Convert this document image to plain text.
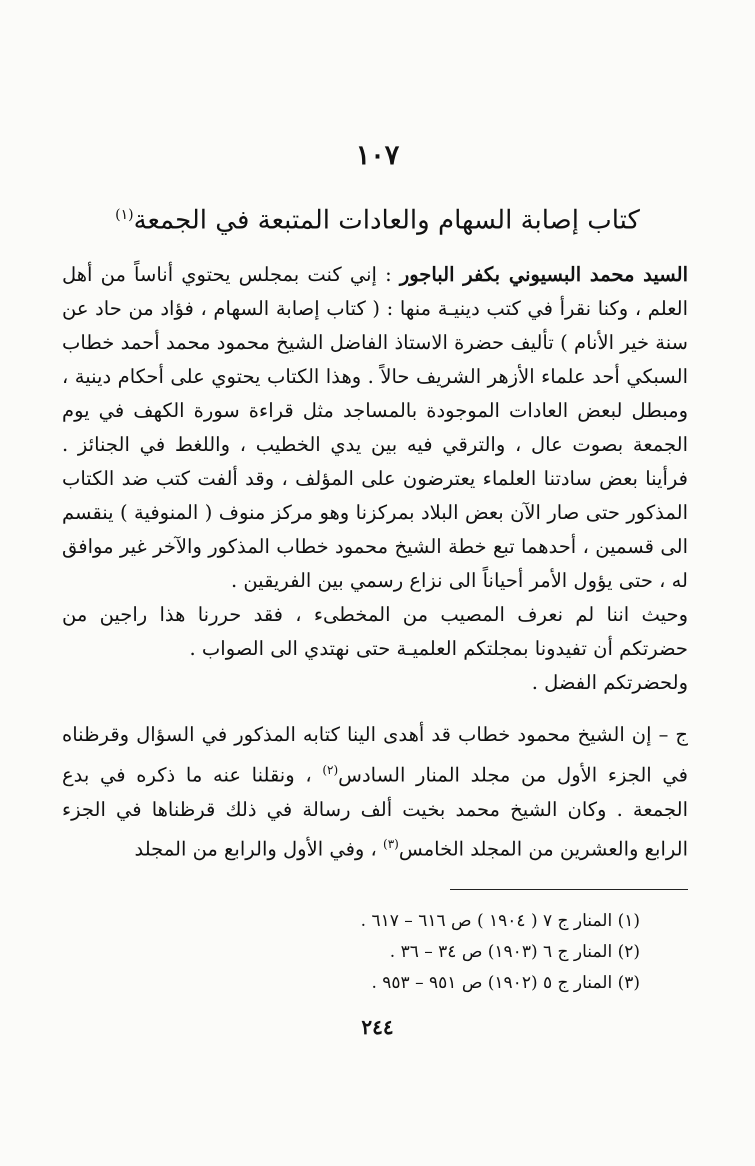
١٠٧
كتاب إصابة السهام والعادات المتبعة في الجمعة$^{(١)}$

السيد محمد البسيوني بكفر الباجور : إني كنت بمجلس يحتوي أناساً من أهل العلم ، وكنا نقرأ في كتب دينيـة منها : ( كتاب إصابة السهام ، فؤاد من حاد عن سنة خير الأنام ) تأليف حضرة الاستاذ الفاضل الشيخ محمود محمد أحمد خطاب السبكي أحد علماء الأزهر الشريف حالاً . وهذا الكتاب يحتوي على أحكام دينية ، ومبطل لبعض العادات الموجودة بالمساجد مثل قراءة سورة الكهف في يوم الجمعة بصوت عال ، والترقي فيه بين يدي الخطيب ، واللغط في الجنائز . فرأينا بعض سادتنا العلماء يعترضون على المؤلف ، وقد ألفت كتب ضد الكتاب المذكور حتى صار الآن بعض البلاد بمركزنا وهو مركز منوف ( المنوفية ) ينقسم الى قسمين ، أحدهما تبع خطة الشيخ محمود خطاب المذكور والآخر غير موافق له ، حتى يؤول الأمر أحياناً الى نزاع رسمي بين الفريقين .

وحيث اننا لم نعرف المصيب من المخطىء ، فقد حررنا هذا راجين من حضرتكم أن تفيدونا بمجلتكم العلميـة حتى نهتدي الى الصواب .

ولحضرتكم الفضل .

ج – إن الشيخ محمود خطاب قد أهدى الينا كتابه المذكور في السؤال وقرظناه في الجزء الأول من مجلد المنار السادس$^{(٢)}$ ، ونقلنا عنه ما ذكره في بدع الجمعة . وكان الشيخ محمد بخيت ألف رسالة في ذلك قرظناها في الجزء الرابع والعشرين من المجلد الخامس$^{(٣)}$ ، وفي الأول والرابع من المجلد

(١) المنار ج ٧ ( ١٩٠٤ ) ص ٦١٦ – ٦١٧ .
(٢) المنار ج ٦ (١٩٠٣) ص ٣٤ – ٣٦ .
(٣) المنار ج ٥ (١٩٠٢) ص ٩٥١ – ٩٥٣ .
٢٤٤
